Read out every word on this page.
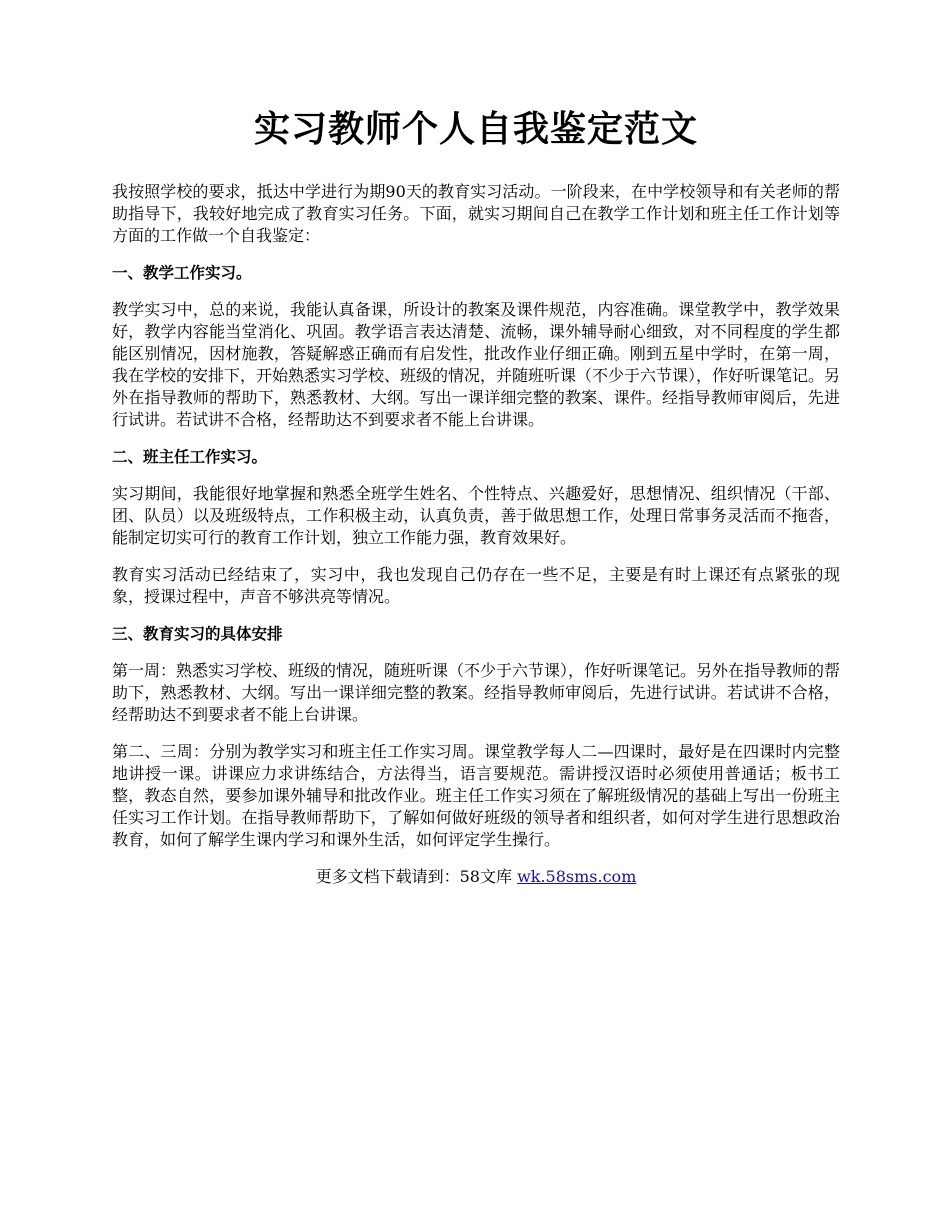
实习教师个人自我鉴定范文

我按照学校的要求，抵达中学进行为期90天的教育实习活动。一阶段来，在中学校领导和有关老师的帮助指导下，我较好地完成了教育实习任务。下面，就实习期间自己在教学工作计划和班主任工作计划等方面的工作做一个自我鉴定：

一、教学工作实习。

教学实习中，总的来说，我能认真备课，所设计的教案及课件规范，内容准确。课堂教学中，教学效果好，教学内容能当堂消化、巩固。教学语言表达清楚、流畅，课外辅导耐心细致，对不同程度的学生都能区别情况，因材施教，答疑解惑正确而有启发性，批改作业仔细正确。刚到五星中学时，在第一周，我在学校的安排下，开始熟悉实习学校、班级的情况，并随班听课（不少于六节课），作好听课笔记。另外在指导教师的帮助下，熟悉教材、大纲。写出一课详细完整的教案、课件。经指导教师审阅后，先进行试讲。若试讲不合格，经帮助达不到要求者不能上台讲课。

二、班主任工作实习。

实习期间，我能很好地掌握和熟悉全班学生姓名、个性特点、兴趣爱好，思想情况、组织情况（干部、团、队员）以及班级特点，工作积极主动，认真负责，善于做思想工作，处理日常事务灵活而不拖沓，能制定切实可行的教育工作计划，独立工作能力强，教育效果好。

教育实习活动已经结束了，实习中，我也发现自己仍存在一些不足，主要是有时上课还有点紧张的现象，授课过程中，声音不够洪亮等情况。

三、教育实习的具体安排

第一周：熟悉实习学校、班级的情况，随班听课（不少于六节课），作好听课笔记。另外在指导教师的帮助下，熟悉教材、大纲。写出一课详细完整的教案。经指导教师审阅后，先进行试讲。若试讲不合格，经帮助达不到要求者不能上台讲课。

第二、三周：分别为教学实习和班主任工作实习周。课堂教学每人二—四课时，最好是在四课时内完整地讲授一课。讲课应力求讲练结合，方法得当，语言要规范。需讲授汉语时必须使用普通话；板书工整，教态自然，要参加课外辅导和批改作业。班主任工作实习须在了解班级情况的基础上写出一份班主任实习工作计划。在指导教师帮助下，了解如何做好班级的领导者和组织者，如何对学生进行思想政治教育，如何了解学生课内学习和课外生活，如何评定学生操行。

更多文档下载请到：58文库 wk.58sms.com
